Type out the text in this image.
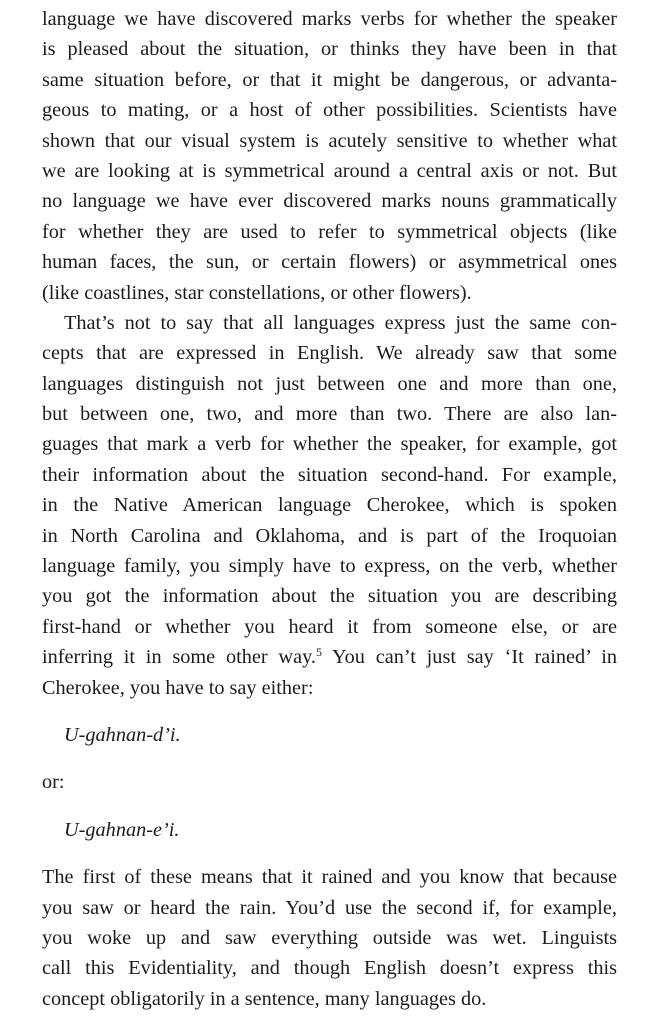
language we have discovered marks verbs for whether the speaker
is pleased about the situation, or thinks they have been in that
same situation before, or that it might be dangerous, or advanta-
geous to mating, or a host of other possibilities. Scientists have
shown that our visual system is acutely sensitive to whether what
we are looking at is symmetrical around a central axis or not. But
no language we have ever discovered marks nouns grammatically
for whether they are used to refer to symmetrical objects (like
human faces, the sun, or certain flowers) or asymmetrical ones
(like coastlines, star constellations, or other flowers).
That’s not to say that all languages express just the same con-
cepts that are expressed in English. We already saw that some
languages distinguish not just between one and more than one,
but between one, two, and more than two. There are also lan-
guages that mark a verb for whether the speaker, for example, got
their information about the situation second-hand. For example,
in the Native American language Cherokee, which is spoken
in North Carolina and Oklahoma, and is part of the Iroquoian
language family, you simply have to express, on the verb, whether
you got the information about the situation you are describing
first-hand or whether you heard it from someone else, or are
inferring it in some other way.$^5$ You can’t just say ‘It rained’ in
Cherokee, you have to say either:
U-gahnan-d’i.
or:
U-gahnan-e’i.
The first of these means that it rained and you know that because
you saw or heard the rain. You’d use the second if, for example,
you woke up and saw everything outside was wet. Linguists
call this Evidentiality, and though English doesn’t express this
concept obligatorily in a sentence, many languages do.
